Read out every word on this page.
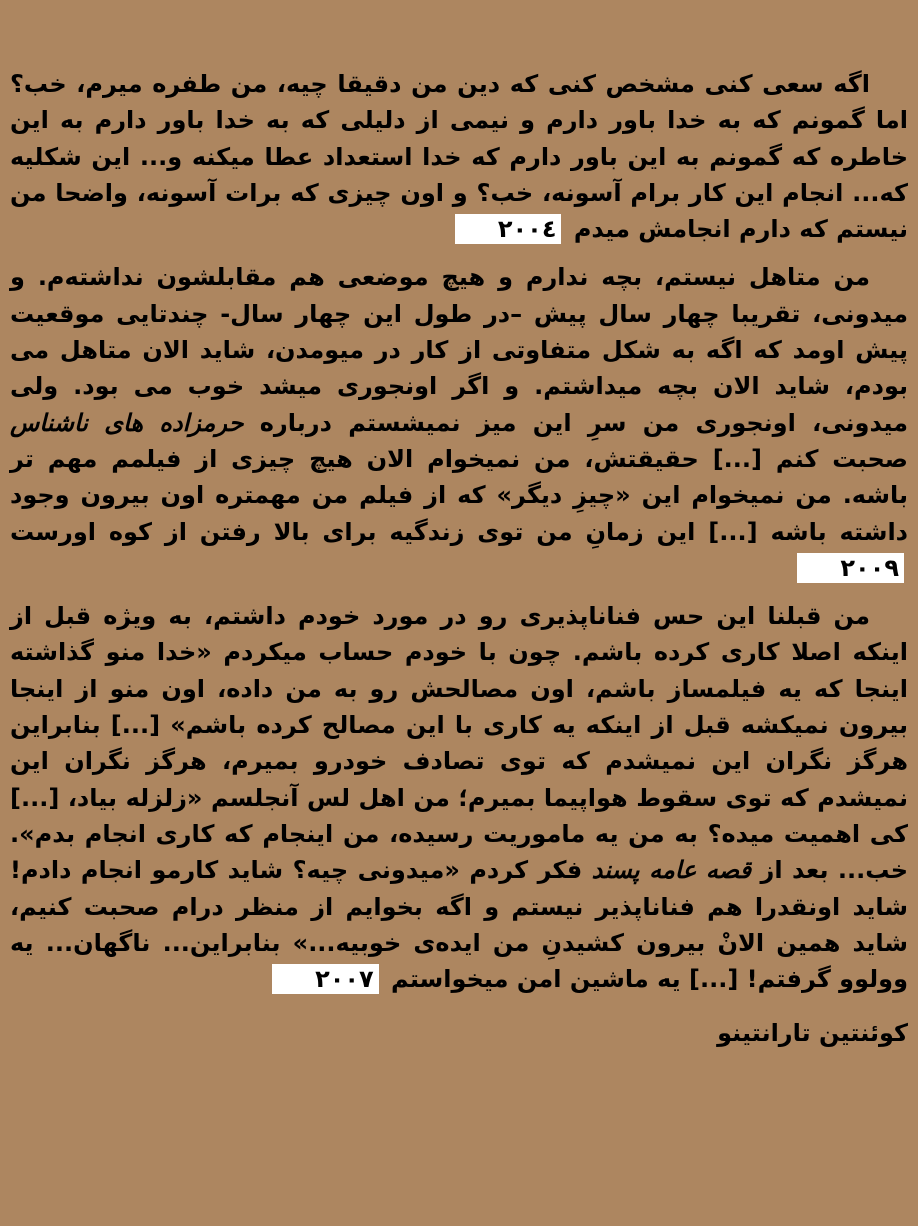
اگه سعی کنی مشخص کنی که دین من دقیقا چیه، من طفره میرم، خب؟ اما گمونم که به خدا باور دارم و نیمی از دلیلی که به خدا باور دارم به این خاطره که گمونم به این باور دارم که خدا استعداد عطا میکنه و... این شکلیه که... انجام این کار برام آسونه، خب؟ و اون چیزی که برات آسونه، واضحا من نیستم که دارم انجامش میدم ۲۰۰٤

من متاهل نیستم، بچه ندارم و هیچ موضعی هم مقابلشون نداشته‌م. و میدونی، تقریبا چهار سال پیش –در طول این چهار سال- چندتایی موقعیت پیش اومد که اگه به شکل متفاوتی از کار در میومدن، شاید الان متاهل می بودم، شاید الان بچه میداشتم. و اگر اونجوری میشد خوب می بود. ولی میدونی، اونجوری من سرِ این میز نمیشستم درباره حرمزاده های ناشناس صحبت کنم [...] حقیقتش، من نمیخوام الان هیچ چیزی از فیلمم مهم تر باشه. من نمیخوام این «چیزِ دیگر» که از فیلم من مهمتره اون بیرون وجود داشته باشه [...] این زمانِ من توی زندگیه برای بالا رفتن از کوه اورست ۲۰۰۹

من قبلنا این حس فناناپذیری رو در مورد خودم داشتم، به ویژه قبل از اینکه اصلا کاری کرده باشم. چون با خودم حساب میکردم «خدا منو گذاشته اینجا که یه فیلمساز باشم، اون مصالحش رو به من داده، اون منو از اینجا بیرون نمیکشه قبل از اینکه یه کاری با این مصالح کرده باشم» [...] بنابراین هرگز نگران این نمیشدم که توی تصادف خودرو بمیرم، هرگز نگران این نمیشدم که توی سقوط هواپیما بمیرم؛ من اهل لس آنجلسم «زلزله بیاد، [...] کی اهمیت میده؟ به من یه ماموریت رسیده، من اینجام که کاری انجام بدم». خب... بعد از قصه عامه پسند فکر کردم «میدونی چیه؟ شاید کارمو انجام دادم! شاید اونقدرا هم فناناپذیر نیستم و اگه بخوایم از منظر درام صحبت کنیم، شاید همین الانْ بیرون کشیدنِ من ایده‌ی خوبیه...» بنابراین... ناگهان... یه وولوو گرفتم! [...] یه ماشین امن میخواستم ۲۰۰۷

کوئنتین تارانتینو
